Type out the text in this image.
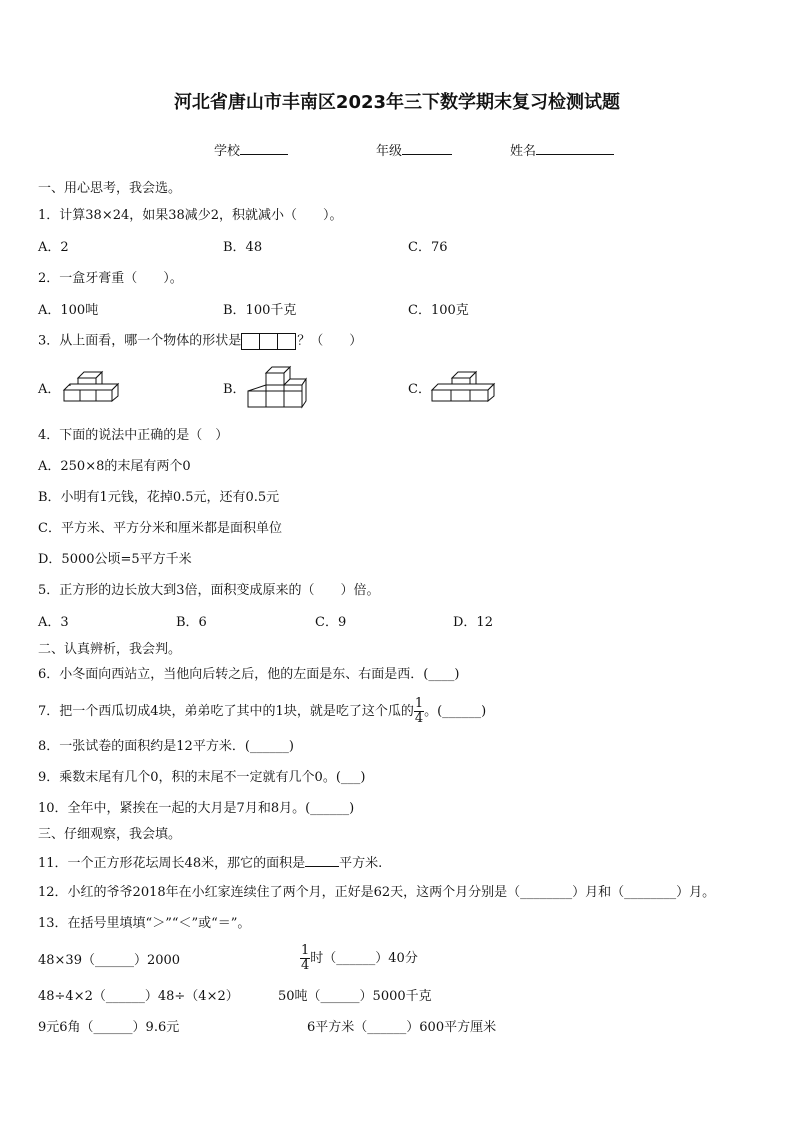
河北省唐山市丰南区2023年三下数学期末复习检测试题
学校	年级	姓名
一、用心思考，我会选。
1．计算38×24，如果38减少2，积就减小（　　）。
A．2	B．48	C．76
2．一盒牙膏重（　　）。
A．100吨	B．100千克	C．100克
3．从上面看，哪一个物体的形状是	？（　　）
A．	B．	C．
4．下面的说法中正确的是（　）
A．250×8的末尾有两个0
B．小明有1元钱，花掉0.5元，还有0.5元
C．平方米、平方分米和厘米都是面积单位
D．5000公顷=5平方千米
5．正方形的边长放大到3倍，面积变成原来的（　　）倍。
A．3	B．6	C．9	D．12
二、认真辨析，我会判。
6．小冬面向西站立，当他向后转之后，他的左面是东、右面是西．(____)
7．把一个西瓜切成4块，弟弟吃了其中的1块，就是吃了这个瓜的 $\frac{1}{4}$ 。(______)
8．一张试卷的面积约是12平方米．(______)
9．乘数末尾有几个0，积的末尾不一定就有几个0。(___)
10．全年中，紧挨在一起的大月是7月和8月。(______)
三、仔细观察，我会填。
11．一个正方形花坛周长48米，那它的面积是	平方米.
12．小红的爷爷2018年在小红家连续住了两个月，正好是62天，这两个月分别是（________）月和（________）月。
13．在括号里填填“＞”“＜”或“＝”。
48×39（______）2000	$\frac{1}{4}$ 时（______）40分
48÷4×2（______）48÷（4×2）	50吨（______）5000千克
9元6角（______）9.6元	6平方米（______）600平方厘米
